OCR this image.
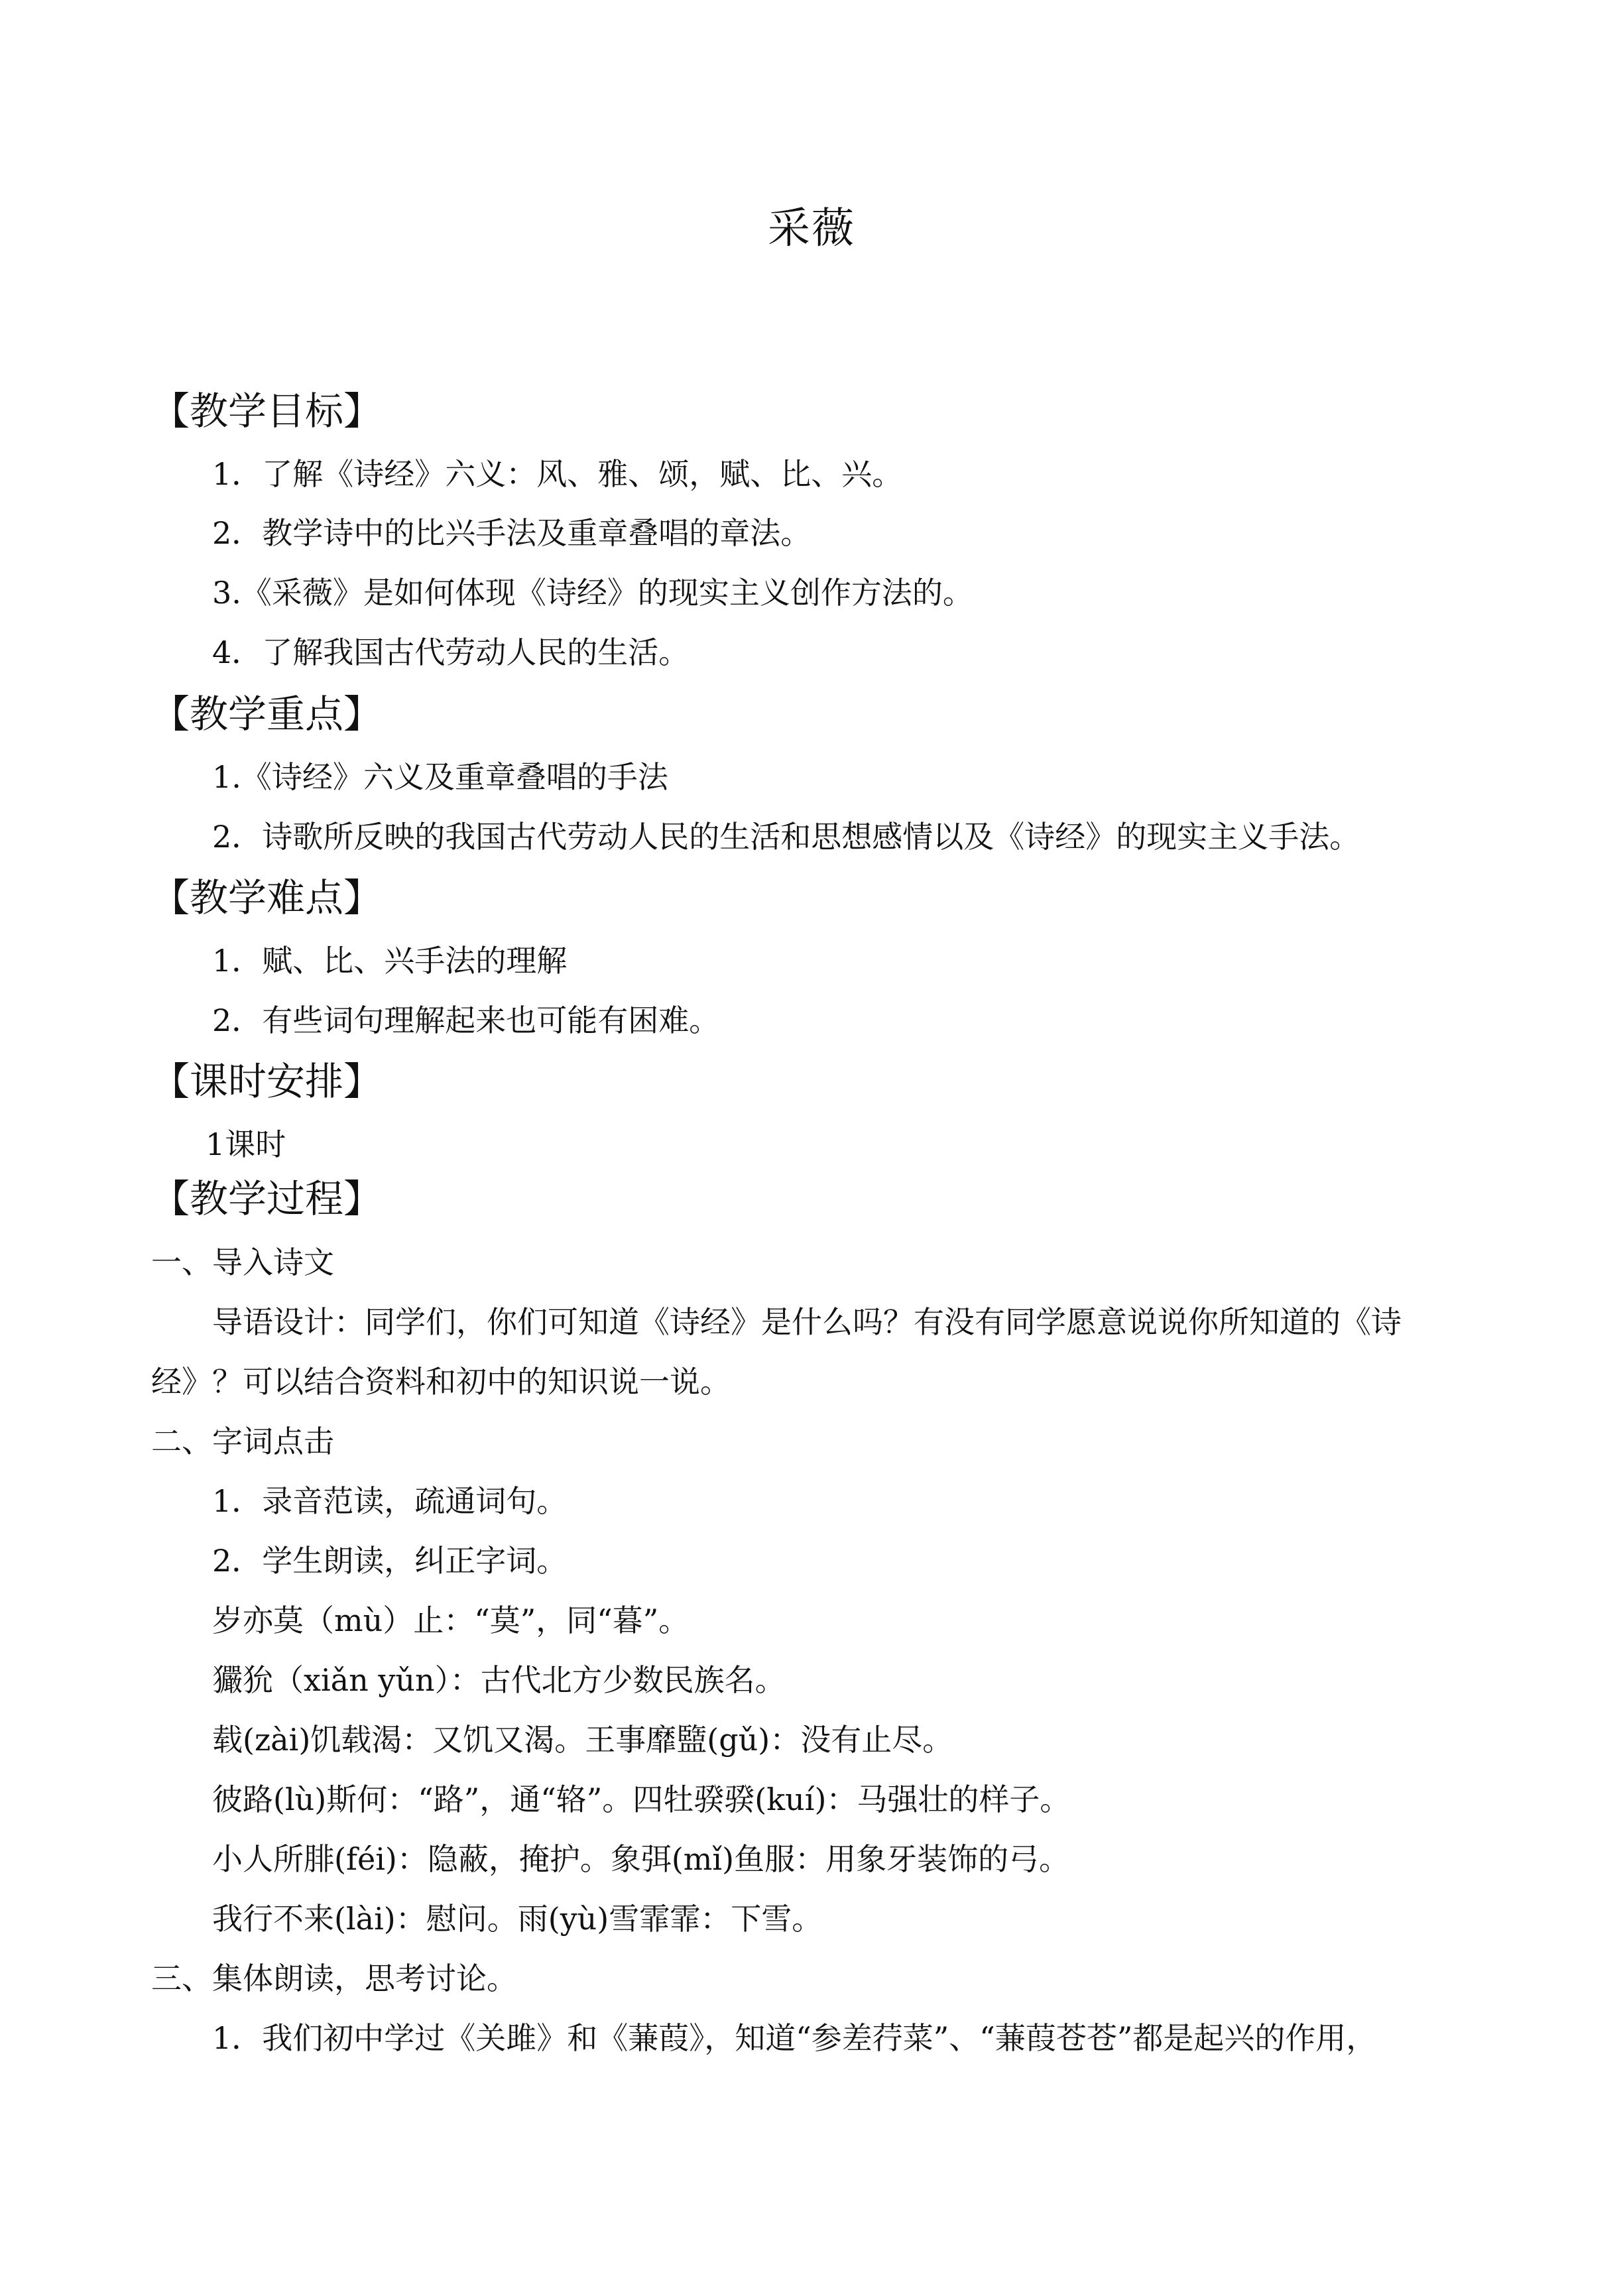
采薇
【教学目标】
1．了解《诗经》六义：风、雅、颂，赋、比、兴。
2．教学诗中的比兴手法及重章叠唱的章法。
3.《采薇》是如何体现《诗经》的现实主义创作方法的。
4．了解我国古代劳动人民的生活。
【教学重点】
1.《诗经》六义及重章叠唱的手法
2．诗歌所反映的我国古代劳动人民的生活和思想感情以及《诗经》的现实主义手法。
【教学难点】
1．赋、比、兴手法的理解
2．有些词句理解起来也可能有困难。
【课时安排】
1课时
【教学过程】
一、导入诗文
导语设计：同学们，你们可知道《诗经》是什么吗？有没有同学愿意说说你所知道的《诗
经》？可以结合资料和初中的知识说一说。
二、字词点击
1．录音范读，疏通词句。
2．学生朗读，纠正字词。
岁亦莫（mù）止：“莫”，同“暮”。
玁狁（xiǎn yǔn）：古代北方少数民族名。
载(zài)饥载渴：又饥又渴。王事靡盬(gǔ)：没有止尽。
彼路(lù)斯何：“路”，通“辂”。四牡骙骙(kuí)：马强壮的样子。
小人所腓(féi)：隐蔽，掩护。象弭(mǐ)鱼服：用象牙装饰的弓。
我行不来(lài)：慰问。雨(yù)雪霏霏：下雪。
三、集体朗读，思考讨论。
1．我们初中学过《关雎》和《蒹葭》，知道“参差荇菜”、“蒹葭苍苍”都是起兴的作用，
